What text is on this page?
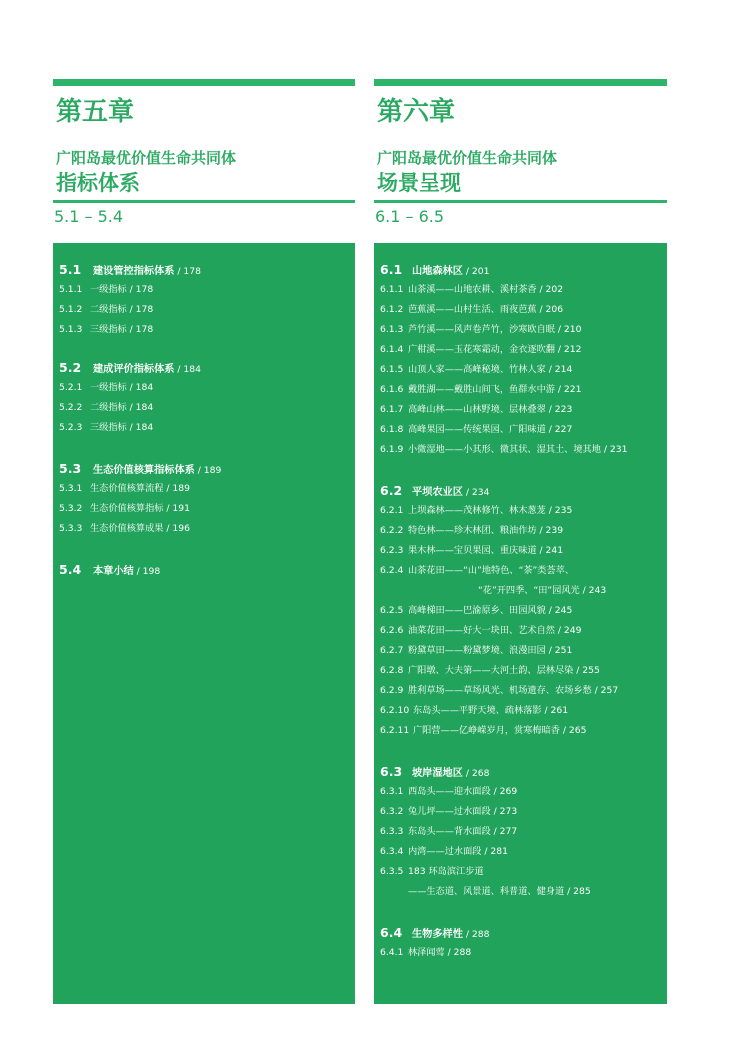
第五章
广阳岛最优价值生命共同体
指标体系
5.1 – 5.4
5.1 建设管控指标体系 / 178
5.1.1 一级指标 / 178
5.1.2 二级指标 / 178
5.1.3 三级指标 / 178
5.2 建成评价指标体系 / 184
5.2.1 一级指标 / 184
5.2.2 二级指标 / 184
5.2.3 三级指标 / 184
5.3 生态价值核算指标体系 / 189
5.3.1 生态价值核算流程 / 189
5.3.2 生态价值核算指标 / 191
5.3.3 生态价值核算成果 / 196
5.4 本章小结 / 198
第六章
广阳岛最优价值生命共同体
场景呈现
6.1 – 6.5
6.1 山地森林区 / 201
6.1.1 山茶溪——山地农耕、溪村茶香 / 202
6.1.2 芭蕉溪——山村生活、雨夜芭蕉 / 206
6.1.3 芦竹溪——风声卷芦竹，沙寒欧自眠 / 210
6.1.4 广柑溪——玉花寒霜动，金衣逐吹翻 / 212
6.1.5 山顶人家——高峰秘境、竹林人家 / 214
6.1.6 戴胜湖——戴胜山间飞，鱼群水中游 / 221
6.1.7 高峰山林——山林野境、层林叠翠 / 223
6.1.8 高峰果园——传统果园、广阳味道 / 227
6.1.9 小微湿地——小其形、微其状、湿其土、境其地 / 231
6.2 平坝农业区 / 234
6.2.1 上坝森林——茂林修竹、林木葱茏 / 235
6.2.2 特色林——珍木林团、粮油作坊 / 239
6.2.3 果木林——宝贝果园、重庆味道 / 241
6.2.4 山茶花田——“山”地特色、“茶”类荟萃、
“花”开四季、“田”园风光 / 243
6.2.5 高峰梯田——巴渝原乡、田园风貌 / 245
6.2.6 油菜花田——好大一块田、艺术自然 / 249
6.2.7 粉黛草田——粉黛梦境、浪漫田园 / 251
6.2.8 广阳墩、大夫第——大河土韵、层林尽染 / 255
6.2.9 胜利草场——草场风光、机场遗存、农场乡愁 / 257
6.2.10 东岛头——平野天境、疏林落影 / 261
6.2.11 广阳营——亿峥嵘岁月，赏寒梅暗香 / 265
6.3 坡岸湿地区 / 268
6.3.1 西岛头——迎水面段 / 269
6.3.2 兔儿坪——过水面段 / 273
6.3.3 东岛头——背水面段 / 277
6.3.4 内湾——过水面段 / 281
6.3.5 183 环岛滨江步道
——生态道、风景道、科普道、健身道 / 285
6.4 生物多样性 / 288
6.4.1 林泽闻莺 / 288
